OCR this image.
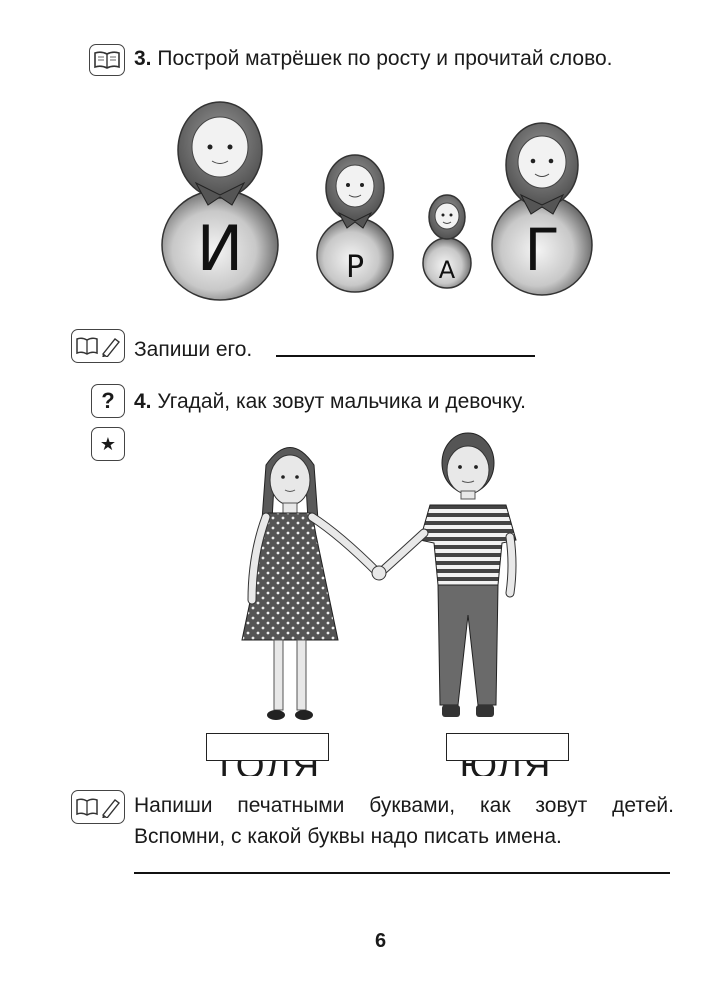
3. Построй матрёшек по росту и прочитай слово.
И	Р	А Г
Запиши его.
? 4. Угадай, как зовут мальчика и девочку.
★
Напиши печатными буквами, как зовут детей.
Вспомни, с какой буквы надо писать имена.
6
